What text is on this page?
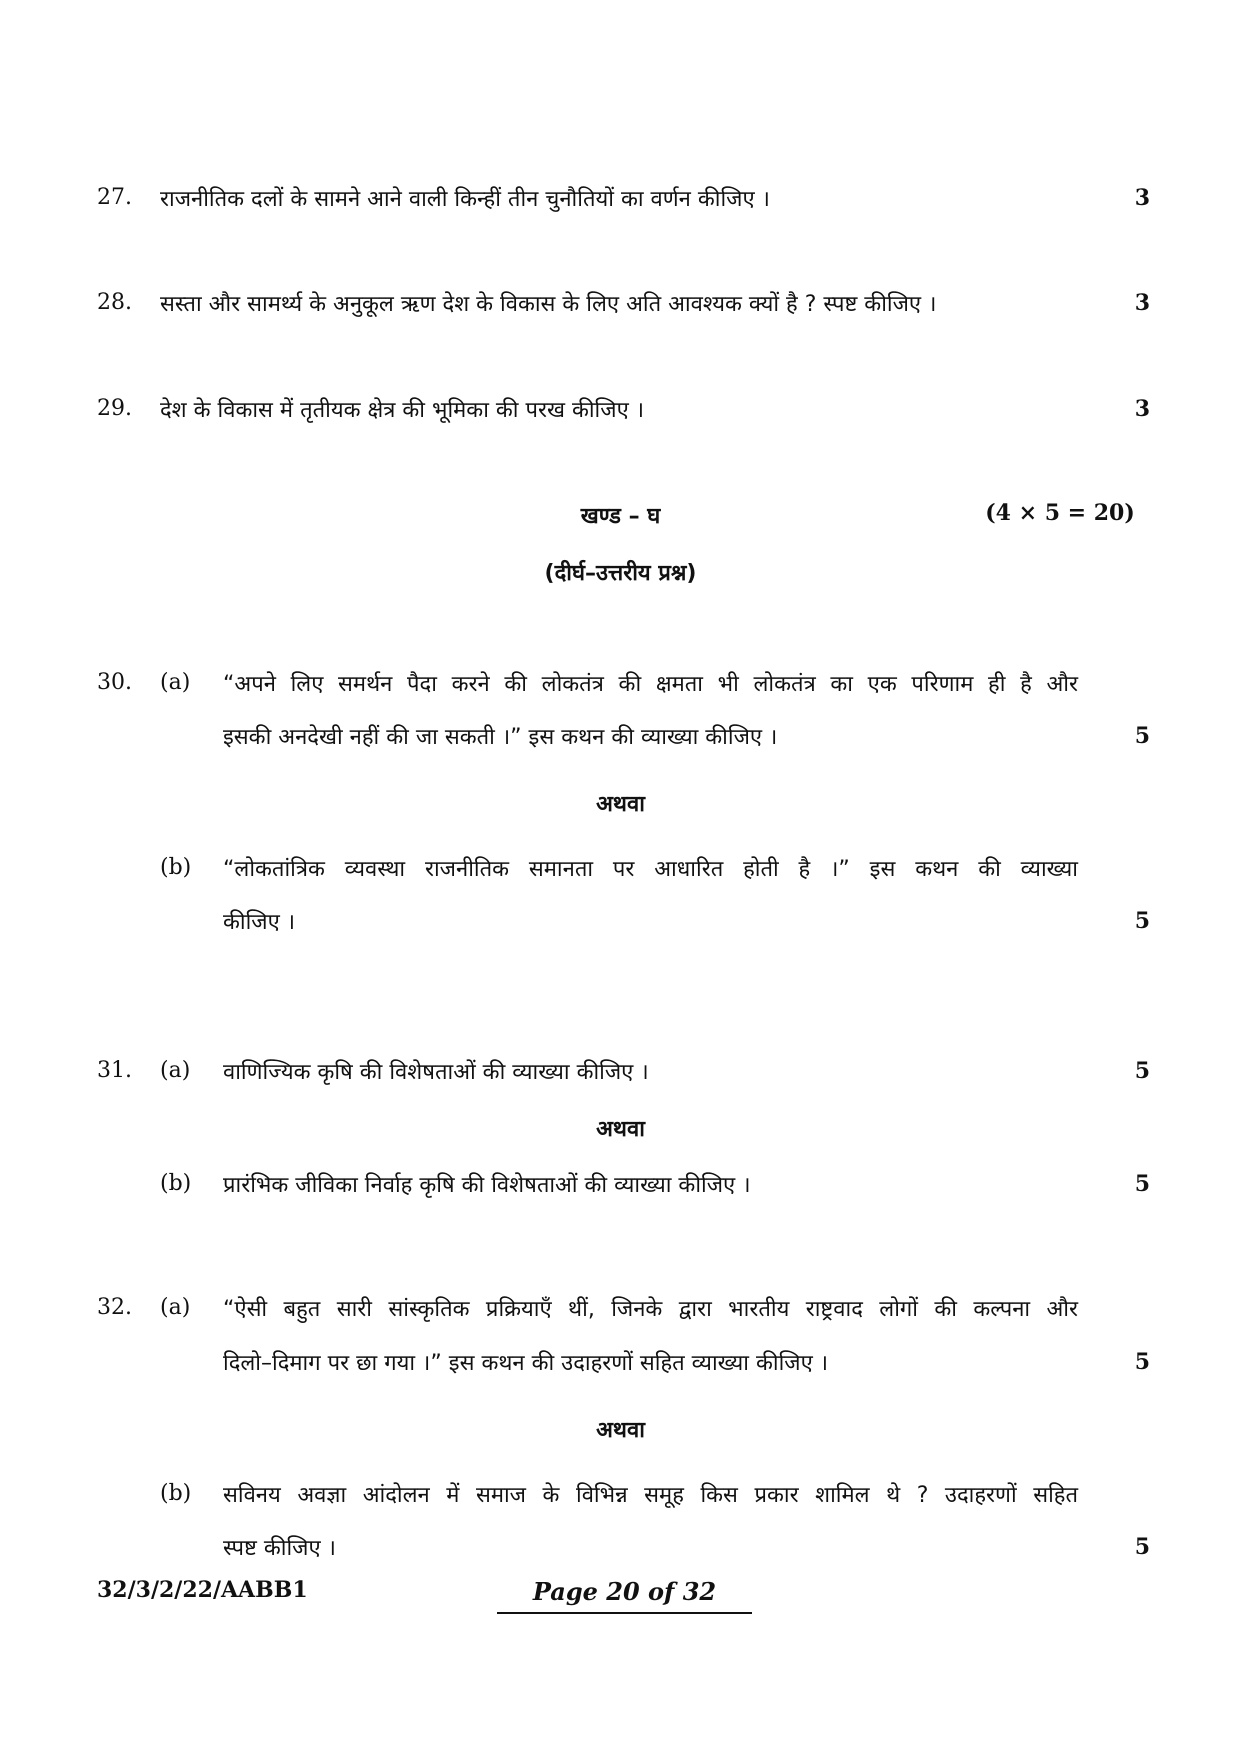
27. राजनीतिक दलों के सामने आने वाली किन्हीं तीन चुनौतियों का वर्णन कीजिए ।	3
28. सस्ता और सामर्थ्य के अनुकूल ऋण देश के विकास के लिए अति आवश्यक क्यों है ? स्पष्ट कीजिए ।	3
29. देश के विकास में तृतीयक क्षेत्र की भूमिका की परख कीजिए ।	3
खण्ड – घ	(4 × 5 = 20)
(दीर्घ–उत्तरीय प्रश्न)
30. (a) “अपने लिए समर्थन पैदा करने की लोकतंत्र की क्षमता भी लोकतंत्र का एक परिणाम ही है और
इसकी अनदेखी नहीं की जा सकती ।” इस कथन की व्याख्या कीजिए ।	5
अथवा
(b) “लोकतांत्रिक व्यवस्था राजनीतिक समानता पर आधारित होती है ।” इस कथन की व्याख्या
कीजिए ।	5
31. (a) वाणिज्यिक कृषि की विशेषताओं की व्याख्या कीजिए ।	5
अथवा
(b) प्रारंभिक जीविका निर्वाह कृषि की विशेषताओं की व्याख्या कीजिए ।	5
32. (a) “ऐसी बहुत सारी सांस्कृतिक प्रक्रियाएँ थीं, जिनके द्वारा भारतीय राष्ट्रवाद लोगों की कल्पना और
दिलो–दिमाग पर छा गया ।” इस कथन की उदाहरणों सहित व्याख्या कीजिए ।	5
अथवा
(b) सविनय अवज्ञा आंदोलन में समाज के विभिन्न समूह किस प्रकार शामिल थे ? उदाहरणों सहित
स्पष्ट कीजिए ।	5
32/3/2/22/AABB1	Page 20 of 32
